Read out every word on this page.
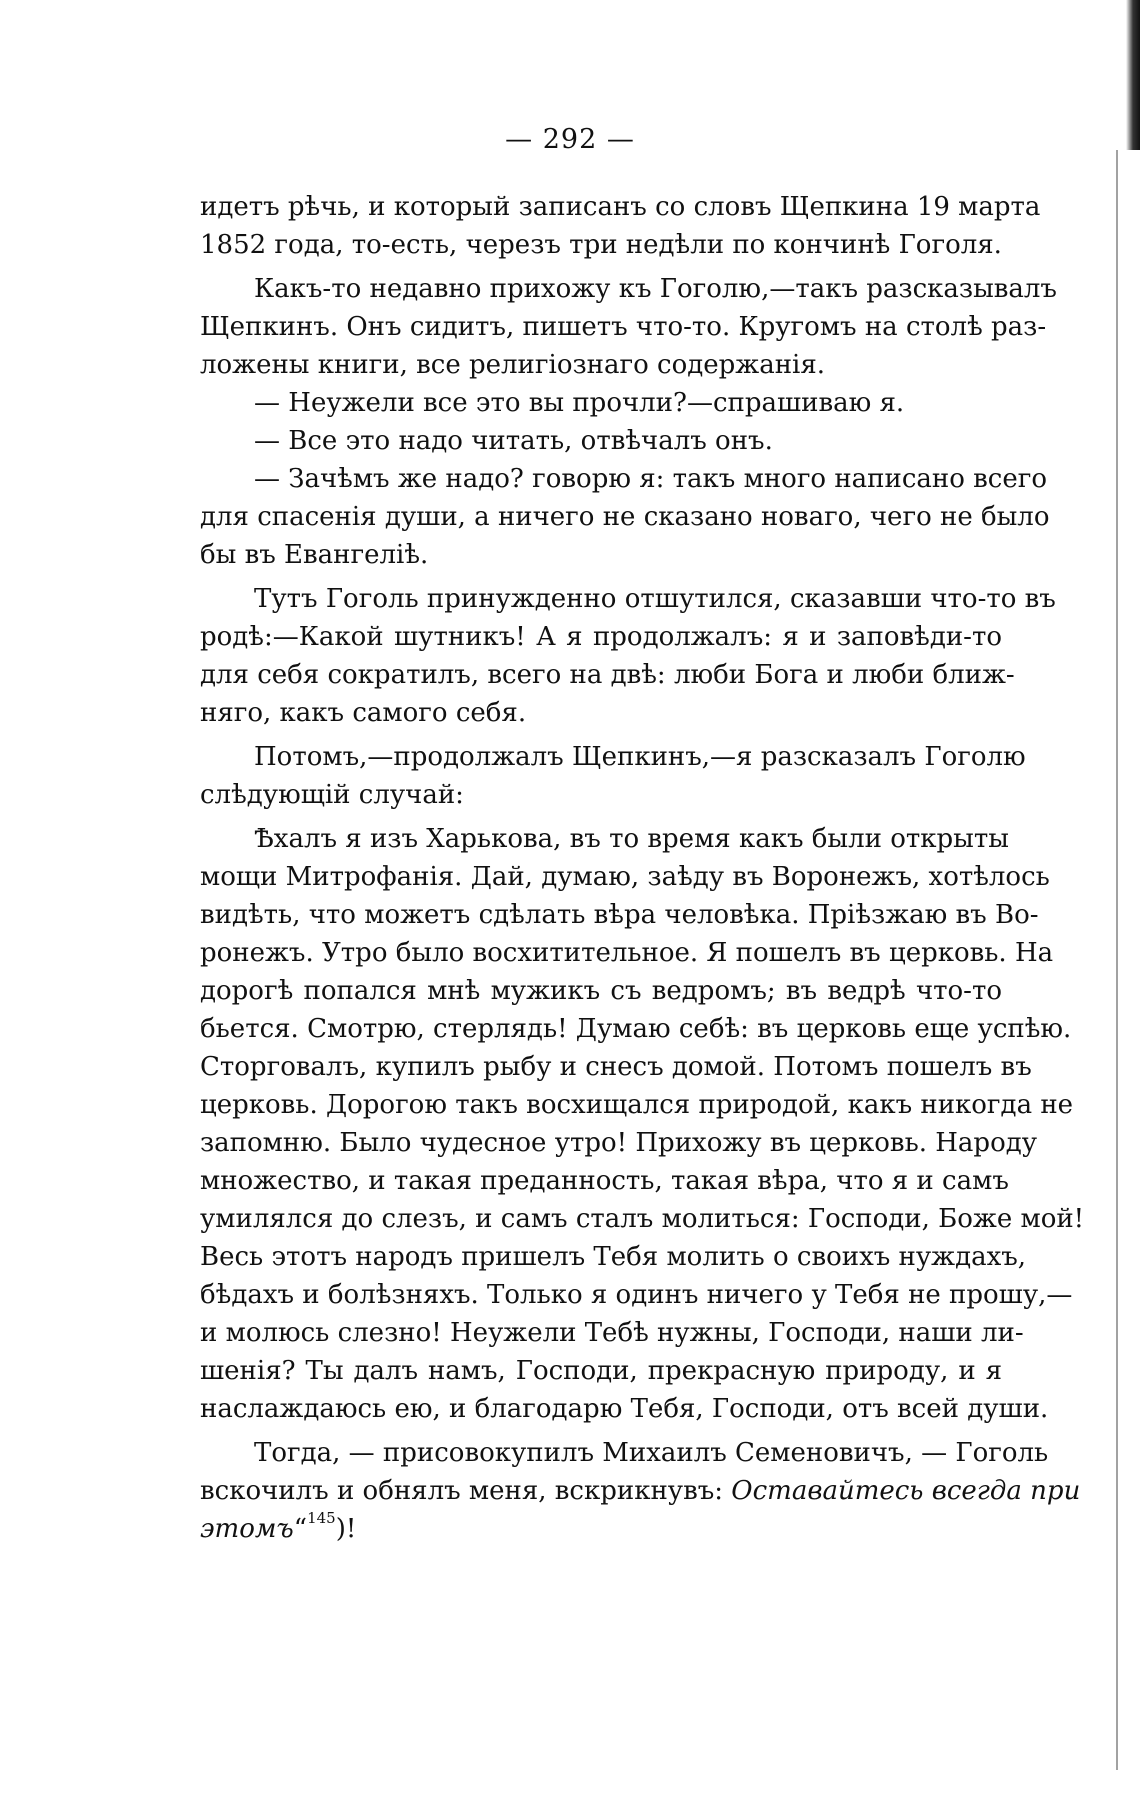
— 292 —
идетъ рѣчь, и который записанъ со словъ Щепкина 19 марта
1852 года, то-есть, черезъ три недѣли по кончинѣ Гоголя.
Какъ-то недавно прихожу къ Гоголю,—такъ разсказывалъ
Щепкинъ. Онъ сидитъ, пишетъ что-то. Кругомъ на столѣ раз-
ложены книги, все религіознаго содержанія.
— Неужели все это вы прочли?—спрашиваю я.
— Все это надо читать, отвѣчалъ онъ.
— Зачѣмъ же надо? говорю я: такъ много написано всего
для спасенія души, а ничего не сказано новаго, чего не было
бы въ Евангеліѣ.
Тутъ Гоголь принужденно отшутился, сказавши что-то въ
родѣ:—Какой шутникъ! А я продолжалъ: я и заповѣди-то
для себя сократилъ, всего на двѣ: люби Бога и люби ближ-
няго, какъ самого себя.
Потомъ,—продолжалъ Щепкинъ,—я разсказалъ Гоголю
слѣдующій случай:
Ѣхалъ я изъ Харькова, въ то время какъ были открыты
мощи Митрофанія. Дай, думаю, заѣду въ Воронежъ, хотѣлось
видѣть, что можетъ сдѣлать вѣра человѣка. Пріѣзжаю въ Во-
ронежъ. Утро было восхитительное. Я пошелъ въ церковь. На
дорогѣ попался мнѣ мужикъ съ ведромъ; въ ведрѣ что-то
бьется. Смотрю, стерлядь! Думаю себѣ: въ церковь еще успѣю.
Сторговалъ, купилъ рыбу и снесъ домой. Потомъ пошелъ въ
церковь. Дорогою такъ восхищался природой, какъ никогда не
запомню. Было чудесное утро! Прихожу въ церковь. Народу
множество, и такая преданность, такая вѣра, что я и самъ
умилялся до слезъ, и самъ сталъ молиться: Господи, Боже мой!
Весь этотъ народъ пришелъ Тебя молить о своихъ нуждахъ,
бѣдахъ и болѣзняхъ. Только я одинъ ничего у Тебя не прошу,—
и молюсь слезно! Неужели Тебѣ нужны, Господи, наши ли-
шенія? Ты далъ намъ, Господи, прекрасную природу, и я
наслаждаюсь ею, и благодарю Тебя, Господи, отъ всей души.
Тогда, — присовокупилъ Михаилъ Семеновичъ, — Гоголь
вскочилъ и обнялъ меня, вскрикнувъ: Оставайтесь всегда при
этомъ“$^{145}$)!
